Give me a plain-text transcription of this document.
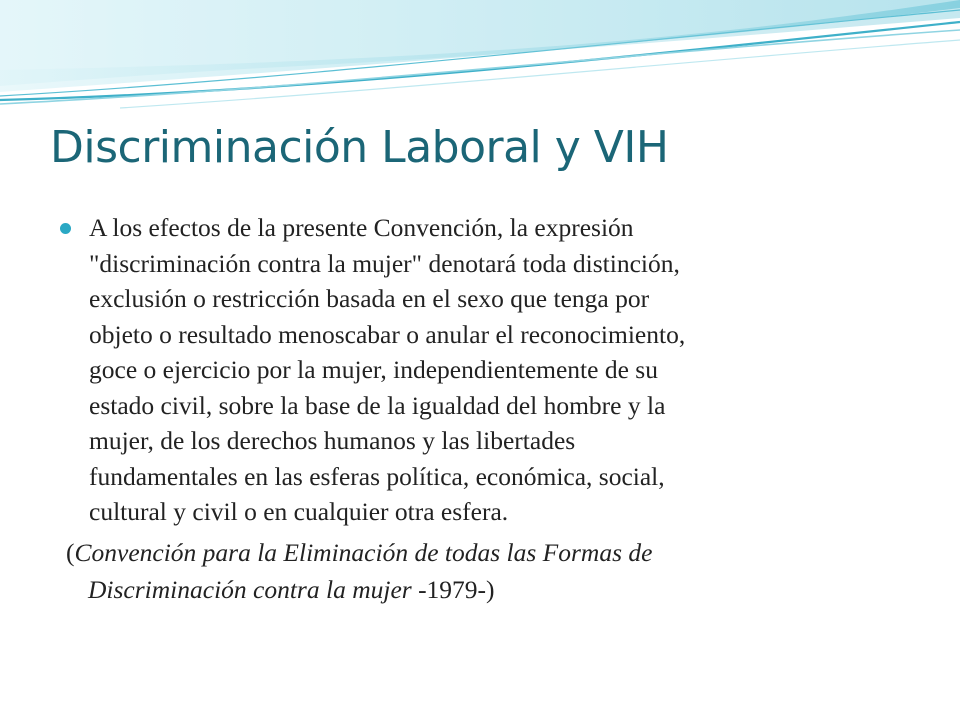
Discriminación Laboral y VIH
A los efectos de la presente Convención, la expresión
"discriminación contra la mujer" denotará toda distinción,
exclusión o restricción basada en el sexo que tenga por
objeto o resultado menoscabar o anular el reconocimiento,
goce o ejercicio por la mujer, independientemente de su
estado civil, sobre la base de la igualdad del hombre y la
mujer, de los derechos humanos y las libertades
fundamentales en las esferas política, económica, social,
cultural y civil o en cualquier otra esfera.
(Convención para la Eliminación de todas las Formas de
Discriminación contra la mujer -1979-)
